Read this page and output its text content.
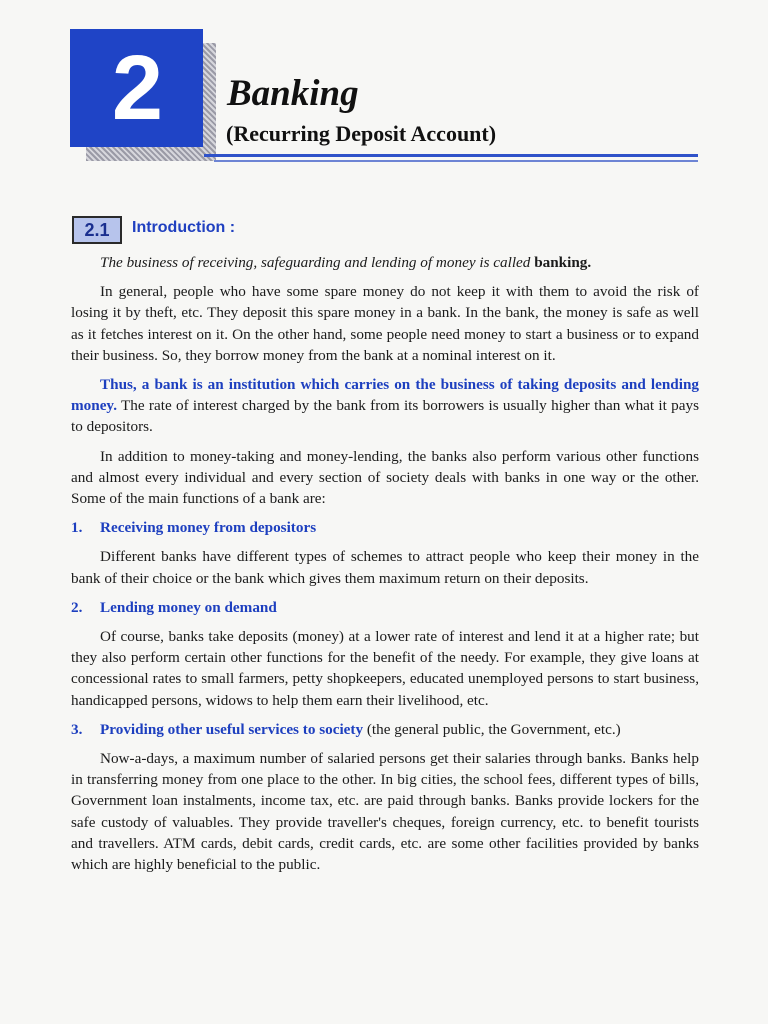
2 Banking
(Recurring Deposit Account)
2.1	Introduction :

The business of receiving, safeguarding and lending of money is called banking.

In general, people who have some spare money do not keep it with them to avoid the risk of losing it by theft, etc. They deposit this spare money in a bank. In the bank, the money is safe as well as it fetches interest on it. On the other hand, some people need money to start a business or to expand their business. So, they borrow money from the bank at a nominal interest on it.

Thus, a bank is an institution which carries on the business of taking deposits and lending money. The rate of interest charged by the bank from its borrowers is usually higher than what it pays to depositors.

In addition to money-taking and money-lending, the banks also perform various other functions and almost every individual and every section of society deals with banks in one way or the other. Some of the main functions of a bank are:

1. Receiving money from depositors

Different banks have different types of schemes to attract people who keep their money in the bank of their choice or the bank which gives them maximum return on their deposits.

2. Lending money on demand

Of course, banks take deposits (money) at a lower rate of interest and lend it at a higher rate; but they also perform certain other functions for the benefit of the needy. For example, they give loans at concessional rates to small farmers, petty shopkeepers, educated unemployed persons to start business, handicapped persons, widows to help them earn their livelihood, etc.

3. Providing other useful services to society (the general public, the Government, etc.)

Now-a-days, a maximum number of salaried persons get their salaries through banks. Banks help in transferring money from one place to the other. In big cities, the school fees, different types of bills, Government loan instalments, income tax, etc. are paid through banks. Banks provide lockers for the safe custody of valuables. They provide traveller's cheques, foreign currency, etc. to benefit tourists and travellers. ATM cards, debit cards, credit cards, etc. are some other facilities provided by banks which are highly beneficial to the public.
